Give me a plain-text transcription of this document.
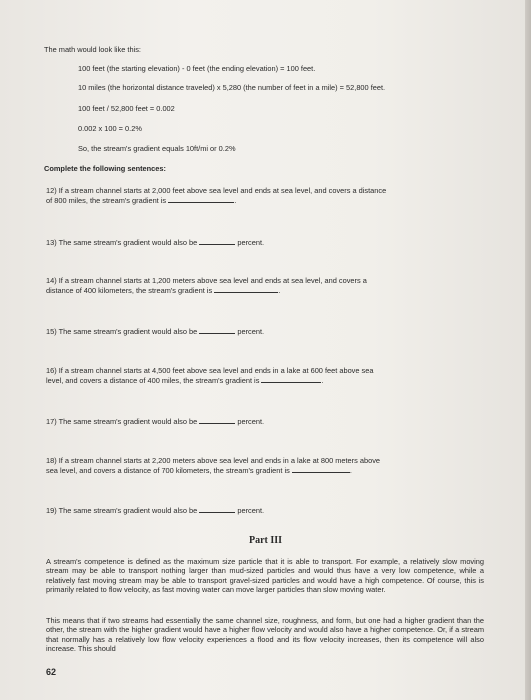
The math would look like this:
100 feet (the starting elevation) - 0 feet (the ending elevation) = 100 feet.
10 miles (the horizontal distance traveled) x 5,280 (the number of feet in a mile) = 52,800 feet.
100 feet / 52,800 feet = 0.002
0.002 x 100 = 0.2%
So, the stream's gradient equals 10ft/mi or 0.2%
Complete the following sentences:
12) If a stream channel starts at 2,000 feet above sea level and ends at sea level, and covers a distance
of 800 miles, the stream's gradient is	.
13) The same stream's gradient would also be	percent.
14) If a stream channel starts at 1,200 meters above sea level and ends at sea level, and covers a
distance of 400 kilometers, the stream's gradient is	.
15) The same stream's gradient would also be	percent.
16) If a stream channel starts at 4,500 feet above sea level and ends in a lake at 600 feet above sea
level, and covers a distance of 400 miles, the stream's gradient is	.
17) The same stream's gradient would also be	percent.
18) If a stream channel starts at 2,200 meters above sea level and ends in a lake at 800 meters above
sea level, and covers a distance of 700 kilometers, the stream's gradient is	.
19) The same stream's gradient would also be	percent.
Part III
A stream's competence is defined as the maximum size particle that it is able to transport. For example, a relatively slow moving stream may be able to transport nothing larger than mud-sized particles and would thus have a very low competence, while a relatively fast moving stream may be able to transport gravel-sized particles and would have a high competence. Of course, this is primarily related to flow velocity, as fast moving water can move larger particles than slow moving water.
This means that if two streams had essentially the same channel size, roughness, and form, but one had a higher gradient than the other, the stream with the higher gradient would have a higher flow velocity and would also have a higher competence. Or, if a stream that normally has a relatively low flow velocity experiences a flood and its flow velocity increases, then its competence will also increase. This should
62
